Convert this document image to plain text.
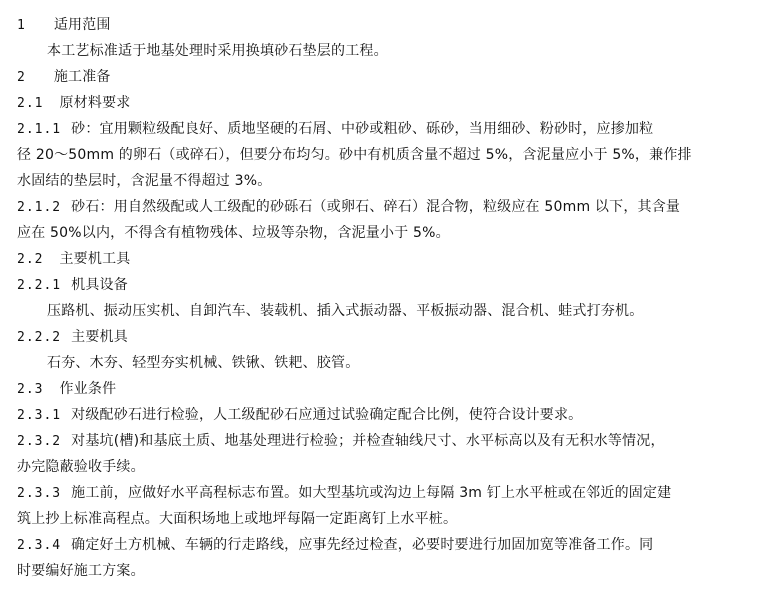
1 适用范围
本工艺标准适于地基处理时采用换填砂石垫层的工程。
2 施工准备
2.1 原材料要求
2.1.1 砂：宜用颗粒级配良好、质地坚硬的石屑、中砂或粗砂、砾砂，当用细砂、粉砂时，应掺加粒
径 20～50mm 的卵石（或碎石），但要分布均匀。砂中有机质含量不超过 5%，含泥量应小于 5%，兼作排
水固结的垫层时，含泥量不得超过 3%。
2.1.2 砂石：用自然级配或人工级配的砂砾石（或卵石、碎石）混合物，粒级应在 50mm 以下，其含量
应在 50%以内，不得含有植物残体、垃圾等杂物，含泥量小于 5%。
2.2 主要机工具
2.2.1 机具设备
压路机、振动压实机、自卸汽车、装载机、插入式振动器、平板振动器、混合机、蛙式打夯机。
2.2.2 主要机具
石夯、木夯、轻型夯实机械、铁锹、铁耙、胶管。
2.3 作业条件
2.3.1 对级配砂石进行检验，人工级配砂石应通过试验确定配合比例，使符合设计要求。
2.3.2 对基坑(槽)和基底土质、地基处理进行检验；并检查轴线尺寸、水平标高以及有无积水等情况，
办完隐蔽验收手续。
2.3.3 施工前，应做好水平高程标志布置。如大型基坑或沟边上每隔 3m 钉上水平桩或在邻近的固定建
筑上抄上标准高程点。大面积场地上或地坪每隔一定距离钉上水平桩。
2.3.4 确定好土方机械、车辆的行走路线，应事先经过检查，必要时要进行加固加宽等准备工作。同
时要编好施工方案。
